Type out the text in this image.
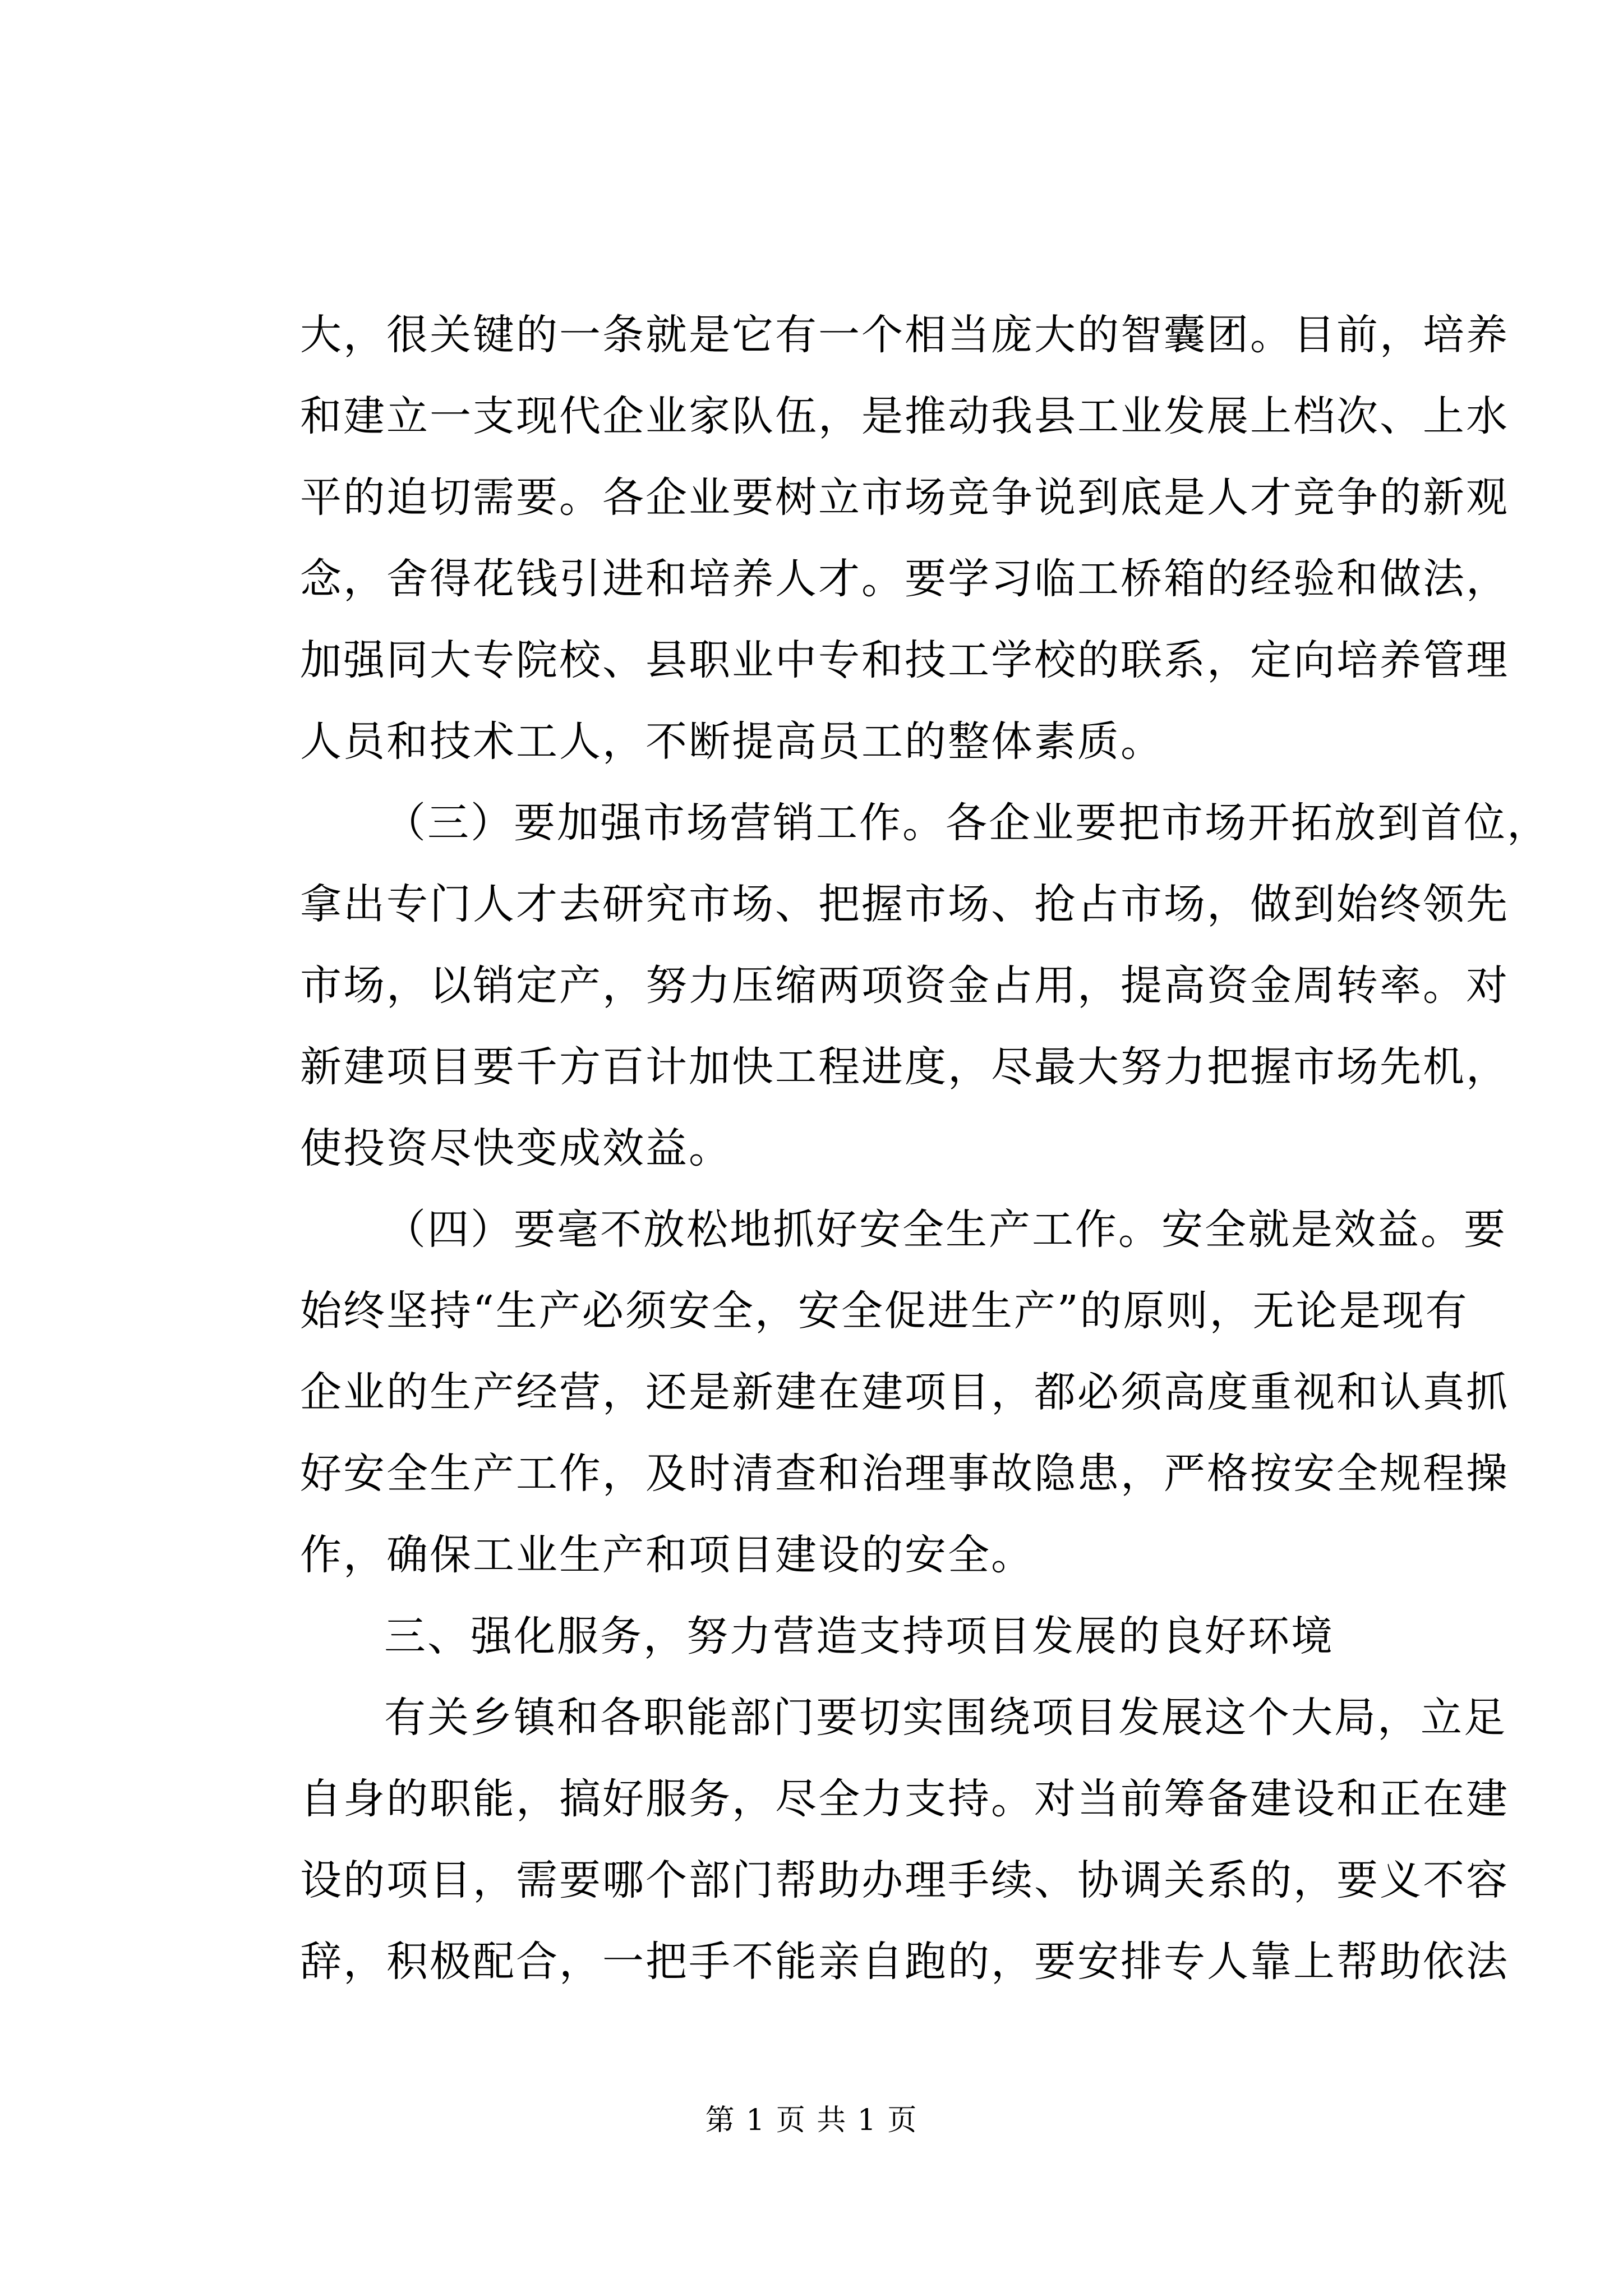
大，很关键的一条就是它有一个相当庞大的智囊团。目前，培养
和建立一支现代企业家队伍，是推动我县工业发展上档次、上水
平的迫切需要。各企业要树立市场竞争说到底是人才竞争的新观
念，舍得花钱引进和培养人才。要学习临工桥箱的经验和做法，
加强同大专院校、县职业中专和技工学校的联系，定向培养管理
人员和技术工人，不断提高员工的整体素质。
（三）要加强市场营销工作。各企业要把市场开拓放到首位，
拿出专门人才去研究市场、把握市场、抢占市场，做到始终领先
市场，以销定产，努力压缩两项资金占用，提高资金周转率。对
新建项目要千方百计加快工程进度，尽最大努力把握市场先机，
使投资尽快变成效益。
（四）要毫不放松地抓好安全生产工作。安全就是效益。要
始终坚持“生产必须安全，安全促进生产”的原则，无论是现有
企业的生产经营，还是新建在建项目，都必须高度重视和认真抓
好安全生产工作，及时清查和治理事故隐患，严格按安全规程操
作，确保工业生产和项目建设的安全。
三、强化服务，努力营造支持项目发展的良好环境
有关乡镇和各职能部门要切实围绕项目发展这个大局，立足
自身的职能，搞好服务，尽全力支持。对当前筹备建设和正在建
设的项目，需要哪个部门帮助办理手续、协调关系的，要义不容
辞，积极配合，一把手不能亲自跑的，要安排专人靠上帮助依法
第 1 页 共 1 页
